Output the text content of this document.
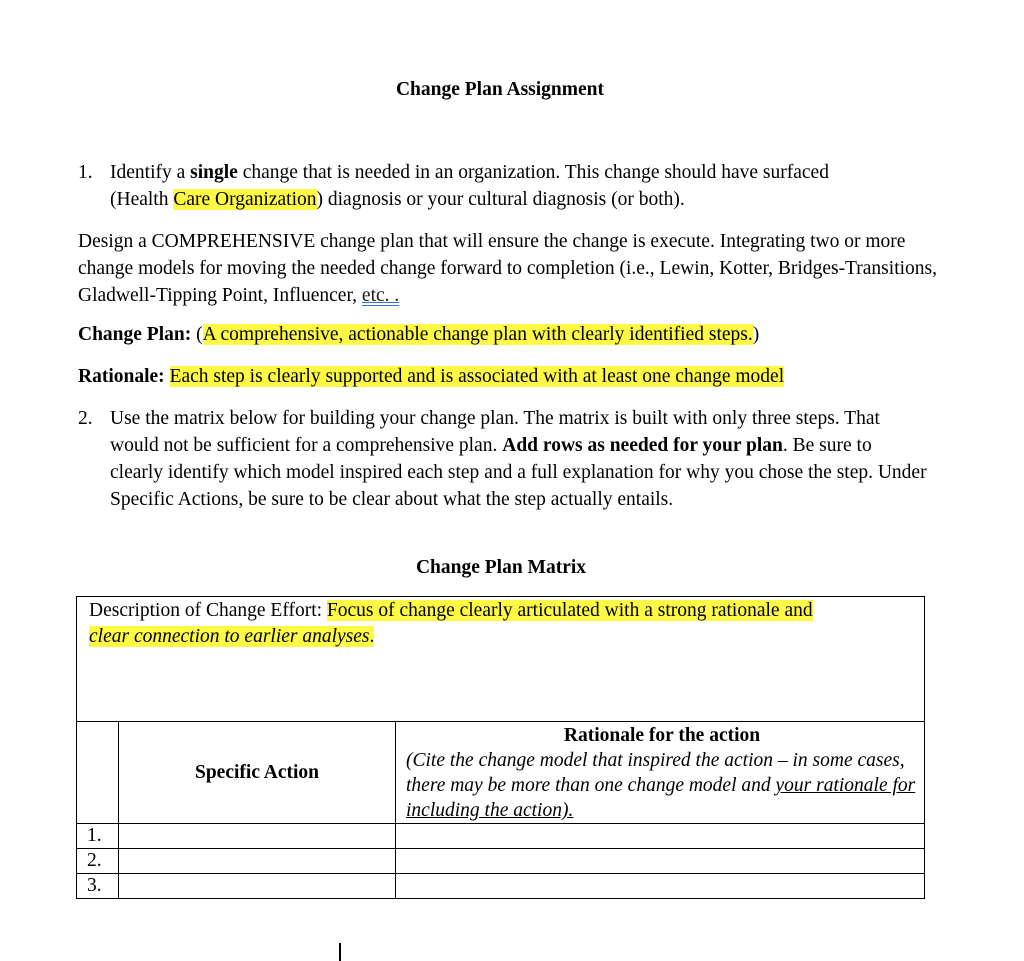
Change Plan Assignment
1. Identify a single change that is needed in an organization. This change should have surfaced
(Health Care Organization) diagnosis or your cultural diagnosis (or both).
Design a COMPREHENSIVE change plan that will ensure the change is execute. Integrating two or more change models for moving the needed change forward to completion (i.e., Lewin, Kotter, Bridges-Transitions, Gladwell-Tipping Point, Influencer, etc. .
Change Plan: (A comprehensive, actionable change plan with clearly identified steps.)
Rationale: Each step is clearly supported and is associated with at least one change model
2. Use the matrix below for building your change plan. The matrix is built with only three steps. That would not be sufficient for a comprehensive plan. Add rows as needed for your plan. Be sure to clearly identify which model inspired each step and a full explanation for why you chose the step. Under Specific Actions, be sure to be clear about what the step actually entails.
Change Plan Matrix
Description of Change Effort: Focus of change clearly articulated with a strong rationale and
clear connection to earlier analyses.		
	Specific Action	Rationale for the action
(Cite the change model that inspired the action – in some cases, there may be more than one change model and your rationale for including the action).

1.		
2.		
3.		
